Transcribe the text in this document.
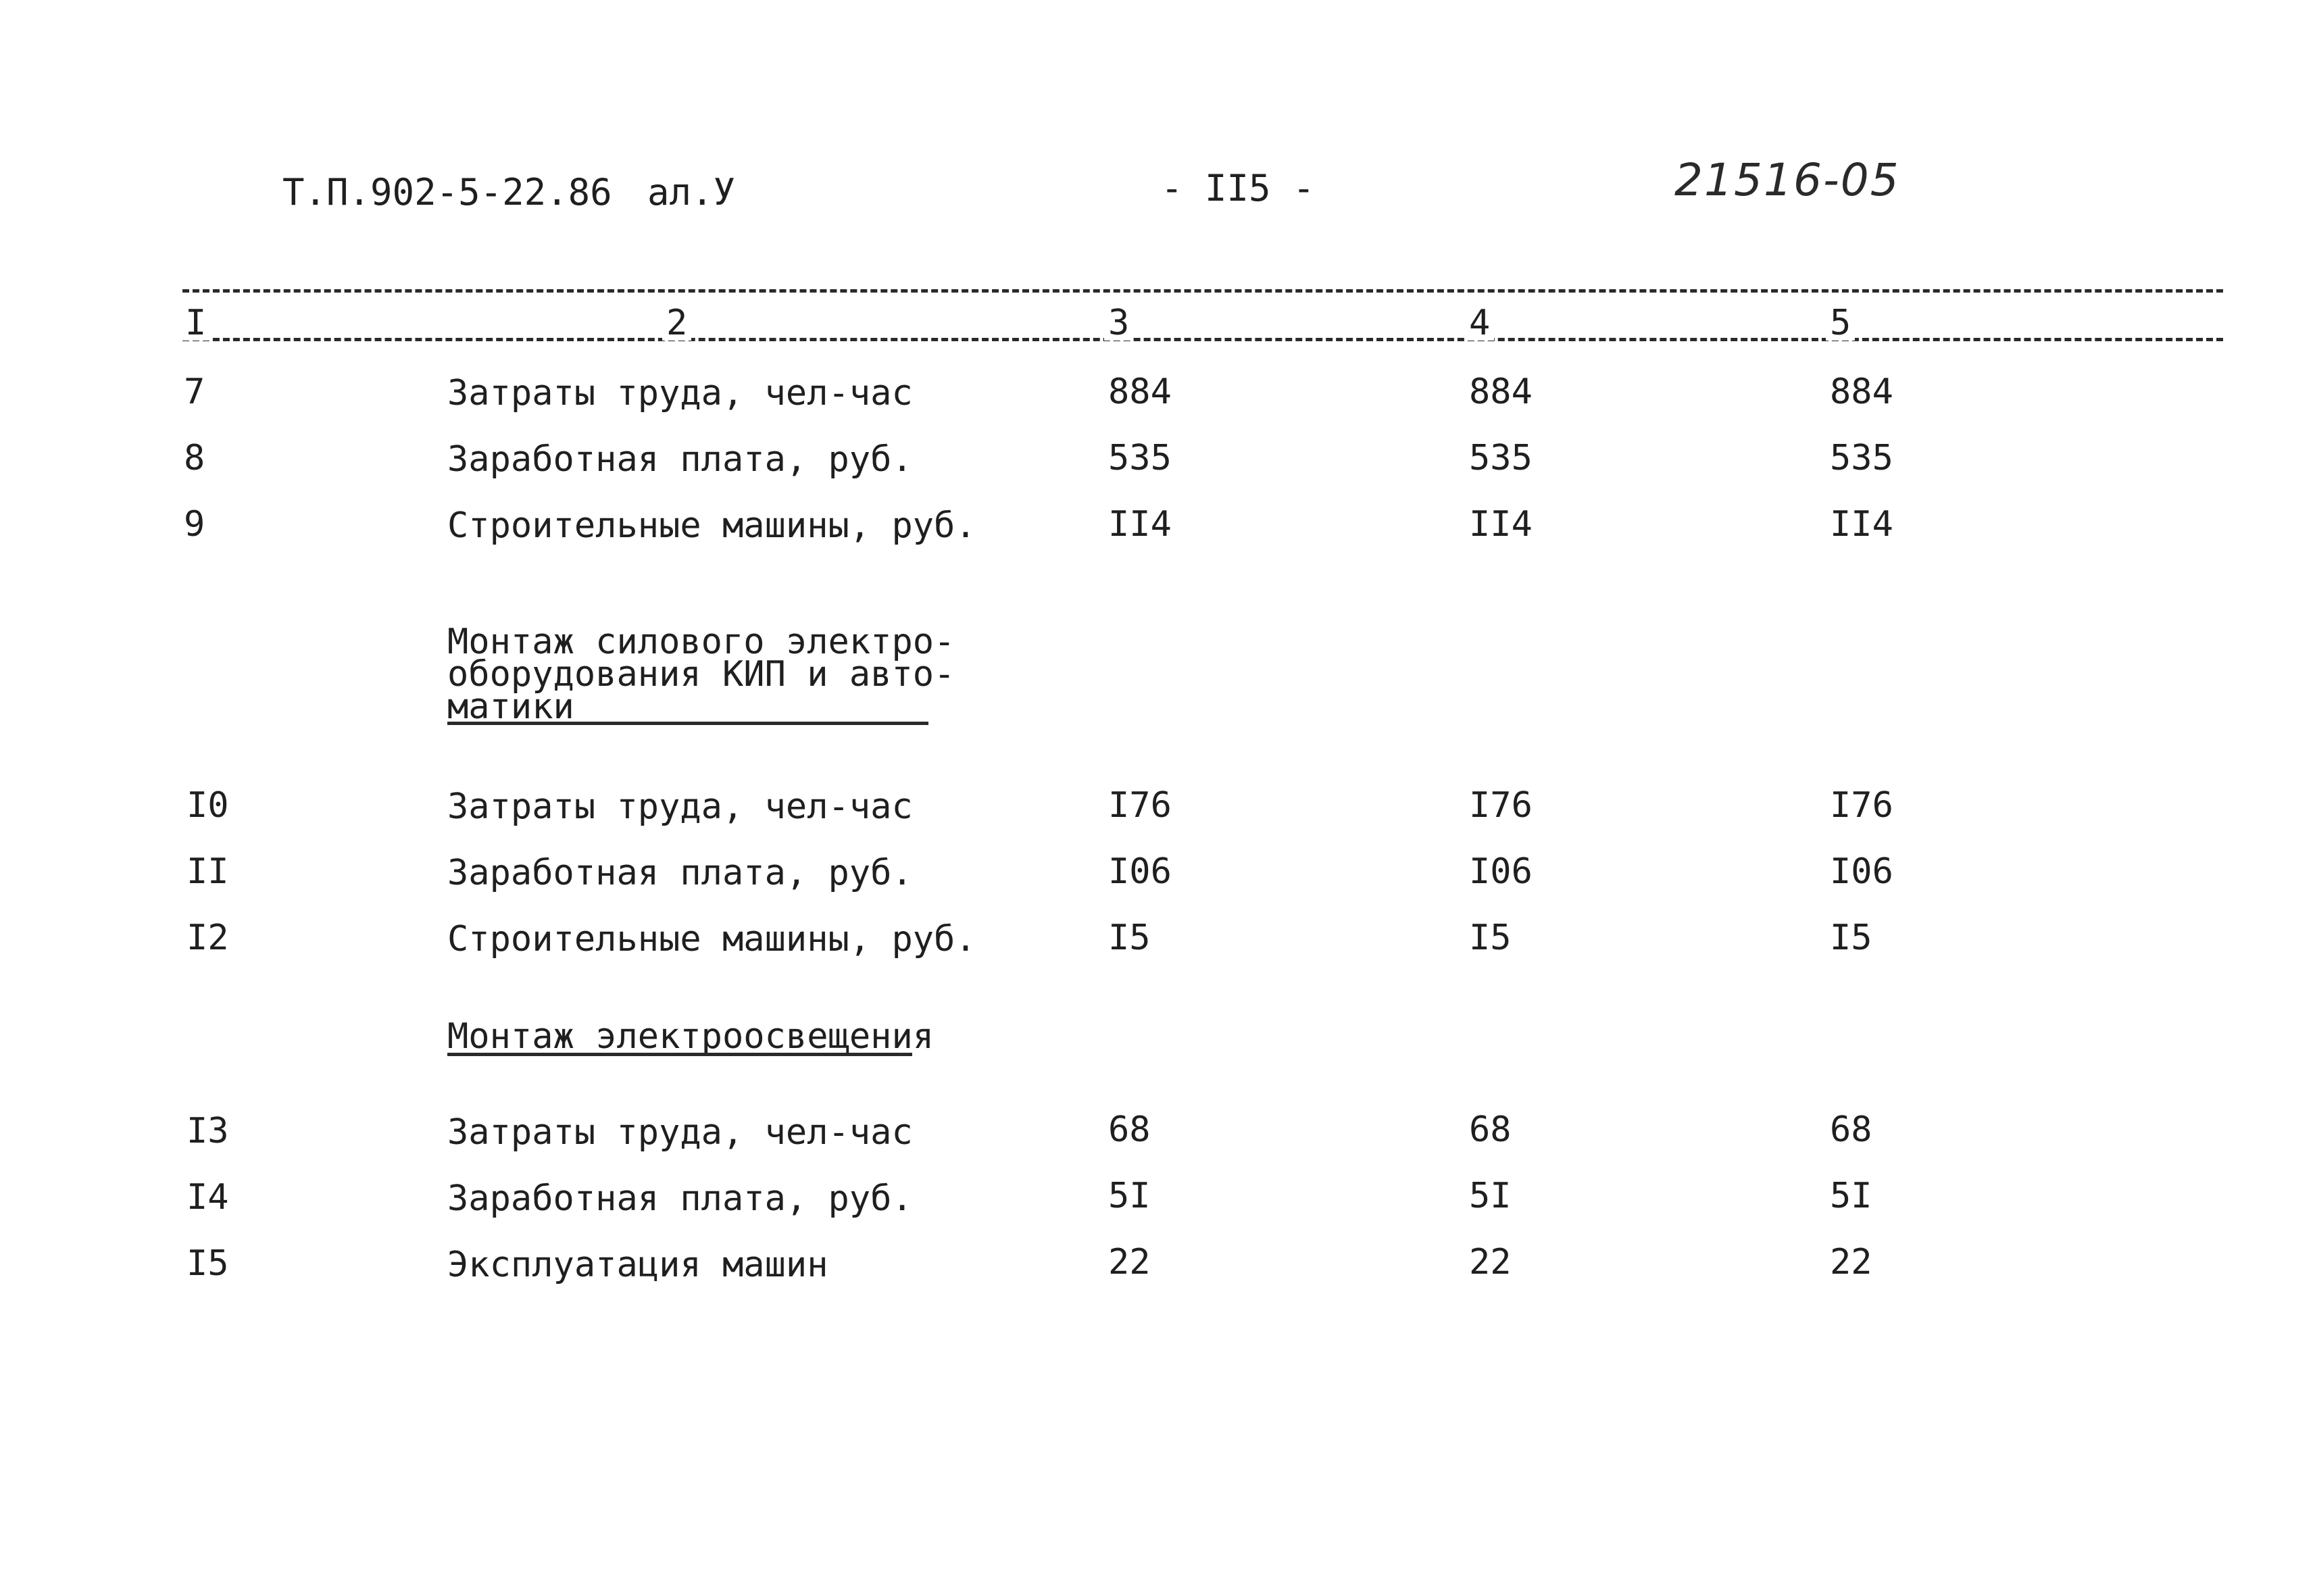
Т.П.902-5-22.86 ал.У	- II5 -	21516-05
I	2	3	4	5
7	Затраты труда, чел-час	884	884	884
8	Заработная плата, руб.	535	535	535
9	Строительные машины, руб.	II4	II4	II4
Монтаж силового электро-
оборудования КИП и авто-
матики
I0	Затраты труда, чел-час	I76	I76	I76
II	Заработная плата, руб.	I06	I06	I06
I2	Строительные машины, руб.	I5	I5	I5
Монтаж электроосвещения
I3	Затраты труда, чел-час	68	68	68
I4	Заработная плата, руб.	5I	5I	5I
I5	Эксплуатация машин	22	22	22
